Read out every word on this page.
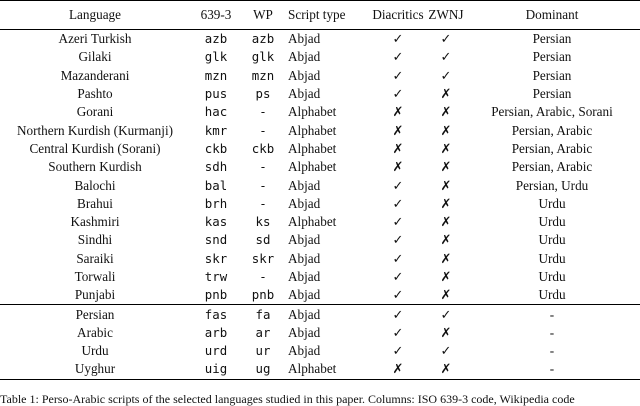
Language	639-3	WP	Script type	Diacritics	ZWNJ	Dominant
Azeri Turkish	azb	azb	Abjad	✓	✓	Persian
Gilaki	glk	glk	Abjad	✓	✓	Persian
Mazanderani	mzn	mzn	Abjad	✓	✓	Persian
Pashto	pus	ps	Abjad	✓	✗	Persian
Gorani	hac	-	Alphabet	✗	✗	Persian, Arabic, Sorani
Northern Kurdish (Kurmanji)	kmr	-	Alphabet	✗	✗	Persian, Arabic
Central Kurdish (Sorani)	ckb	ckb	Alphabet	✗	✗	Persian, Arabic
Southern Kurdish	sdh	-	Alphabet	✗	✗	Persian, Arabic
Balochi	bal	-	Abjad	✓	✗	Persian, Urdu
Brahui	brh	-	Abjad	✓	✗	Urdu
Kashmiri	kas	ks	Alphabet	✓	✗	Urdu
Sindhi	snd	sd	Abjad	✓	✗	Urdu
Saraiki	skr	skr	Abjad	✓	✗	Urdu
Torwali	trw	-	Abjad	✓	✗	Urdu
Punjabi	pnb	pnb	Abjad	✓	✗	Urdu
Persian	fas	fa	Abjad	✓	✓	-
Arabic	arb	ar	Abjad	✓	✗	-
Urdu	urd	ur	Abjad	✓	✓	-
Uyghur	uig	ug	Alphabet	✗	✗	-
Table 1: Perso-Arabic scripts of the selected languages studied in this paper. Columns: ISO 639-3 code, Wikipedia code
